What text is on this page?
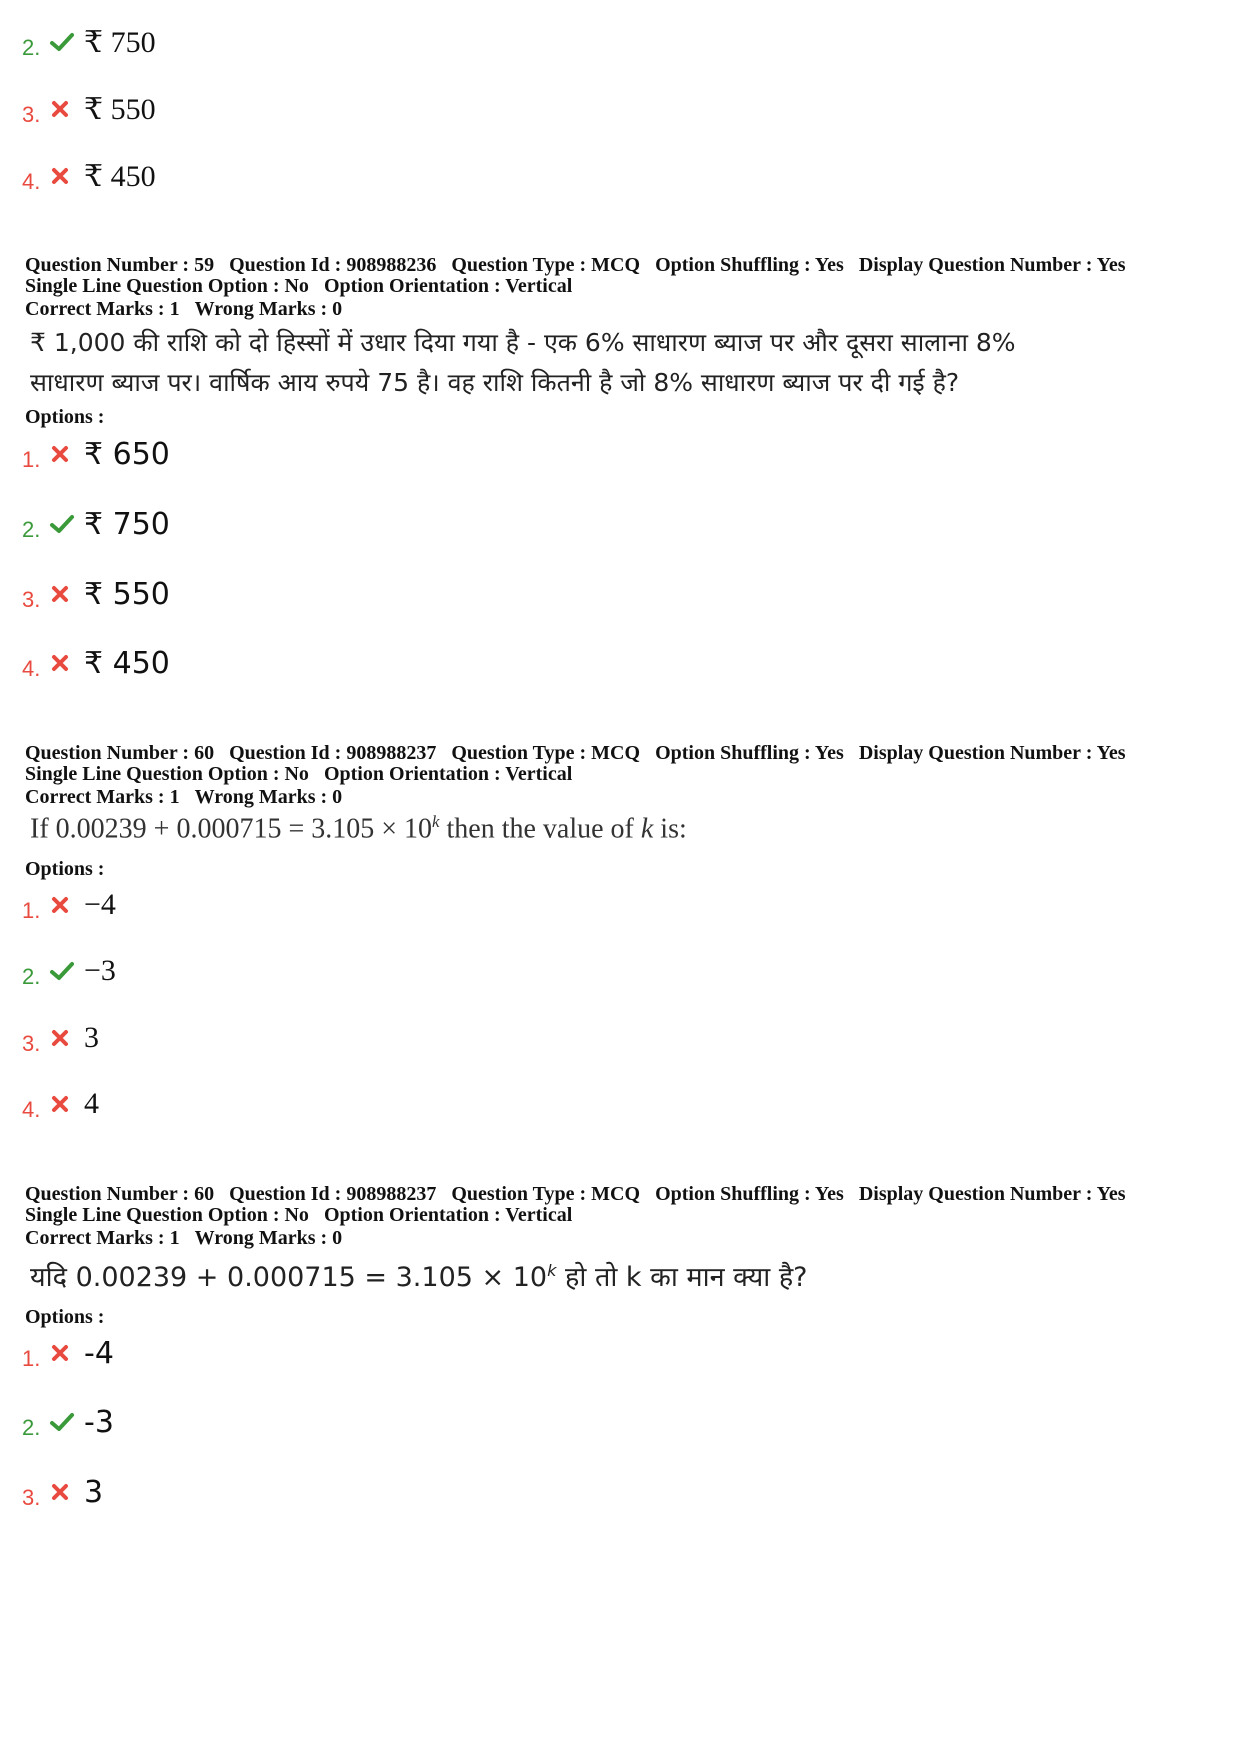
2.	₹ 750
3.	₹ 550
4.	₹ 450
Question Number : 59 Question Id : 908988236 Question Type : MCQ Option Shuffling : Yes Display Question Number : Yes
Single Line Question Option : No Option Orientation : Vertical
Correct Marks : 1 Wrong Marks : 0
₹ 1,000 की राशि को दो हिस्सों में उधार दिया गया है - एक 6% साधारण ब्याज पर और दूसरा सालाना 8%
साधारण ब्याज पर। वार्षिक आय रुपये 75 है। वह राशि कितनी है जो 8% साधारण ब्याज पर दी गई है?
Options :
1.	₹ 650
2.	₹ 750
3.	₹ 550
4.	₹ 450
Question Number : 60 Question Id : 908988237 Question Type : MCQ Option Shuffling : Yes Display Question Number : Yes
Single Line Question Option : No Option Orientation : Vertical
Correct Marks : 1 Wrong Marks : 0
If $0.00239 + 0.000715 = 3.105 \times 10^k$ then the value of k is:
Options :
1.	−4
2.	−3
3.	3
4.	4
Question Number : 60 Question Id : 908988237 Question Type : MCQ Option Shuffling : Yes Display Question Number : Yes
Single Line Question Option : No Option Orientation : Vertical
Correct Marks : 1 Wrong Marks : 0
यदि $0.00239 + 0.000715 = 3.105 \times 10^k$ हो तो k का मान क्या है?
Options :
1.	-4
2.	-3
3.	3
